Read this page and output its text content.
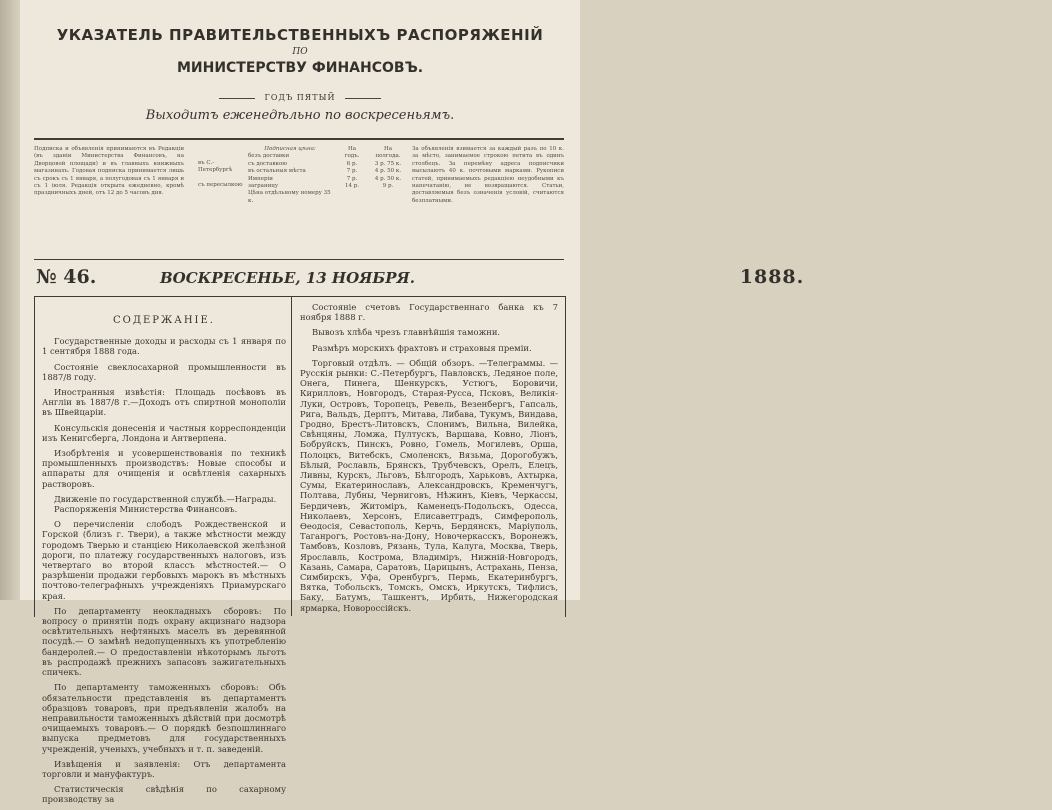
УКАЗАТЕЛЬ ПРАВИТЕЛЬСТВЕННЫХЪ РАСПОРЯЖЕНІЙ
ПО
МИНИСТЕРСТВУ ФИНАНСОВЪ.
ГОДЪ ПЯТЫЙ
Выходитъ еженедѣльно по воскресеньямъ.
Подписка и объявленія принимаются въ Редакціи (въ зданіи Министерства Финансовъ, на Дворцовой площади) и въ главныхъ книжныхъ магазинахъ. Годовая подписка принимается лишь съ срокъ съ 1 января, а полугодовая съ 1 января и съ 1 іюля. Редакція открыта ежедневно, кромѣ праздничныхъ дней, отъ 12 до 5 часовъ дня.
въ С.-Петербургѣ

съ пересылкою
Подписная цѣна:
безъ доставки
съ доставкою
въ остальныя мѣста Имперіи
заграницу
Цѣна отдѣльному номеру 35 к.
На
годъ.
6 р.
7 р.
7 р.
14 р.
На
полгода.
3 р. 75 к.
4 р. 50 к.
4 р. 50 к.
9 р.
За объявленія взимается за каждый разъ по 10 к. за мѣсто, занимаемое строкою петита въ одинъ столбецъ. За перемѣну адреса подписчики высылаютъ 40 к. почтовыми марками. Рукописи статей, принимаемыхъ редакціею неудобными къ напечатанію, не возвращаются. Статьи, доставляемыя безъ означенія условій, считаются безплатными.
№ 46.	ВОСКРЕСЕНЬЕ, 13 НОЯБРЯ.	1888.
СОДЕРЖАНІЕ.

Государственные доходы и расходы съ 1 января по 1 сентября 1888 года.

Состояніе свеклосахарной промышленности въ 1887/8 году.

Иностранныя извѣстія: Площадь посѣвовъ въ Англіи въ 1887/8 г.—Доходъ отъ спиртной монополіи въ Швейцаріи.

Консульскія донесенія и частныя корреспонденціи изъ Кенигсберга, Лондона и Антверпена.

Изобрѣтенія и усовершенствованія по техникѣ промышленныхъ производствъ: Новые способы и аппараты для очищенія и освѣтленія сахарныхъ растворовъ.

Движеніе по государственной службѣ.—Награды.

Распоряженія Министерства Финансовъ.

О перечисленіи слободъ Рождественской и Горской (близъ г. Твери), а также мѣстности между городомъ Тверью и станцією Николаевской желѣзной дороги, по платежу государственныхъ налоговъ, изъ четвертаго во второй классъ мѣстностей.— О разрѣшеніи продажи гербовыхъ марокъ въ мѣстныхъ почтово-телеграфныхъ учрежденіяхъ Приамурскаго края.

По департаменту неокладныхъ сборовъ: По вопросу о принятіи подъ охрану акцизнаго надзора освѣтительныхъ нефтяныхъ маселъ въ деревянной посудѣ.— О замѣнѣ недопущенныхъ къ употребленію бандеролей.— О предоставленіи нѣкоторымъ льготъ въ распродажѣ прежнихъ запасовъ зажигательныхъ спичекъ.

По департаменту таможенныхъ сборовъ: Объ обязательности представленія въ департаментъ образцовъ товаровъ, при предъявленіи жалобъ на неправильности таможенныхъ дѣйствій при досмотрѣ очищаемыхъ товаровъ.— О порядкѣ безпошлиннаго выпуска предметовъ для государственныхъ учрежденій, ученыхъ, учебныхъ и т. п. заведеній.

Извѣщенія и заявленія: Отъ департамента торговли и мануфактуръ.

Статистическія свѣдѣнія по сахарному производству за

Состояніе счетовъ Государственнаго банка къ 7 ноября 1888 г.

Вывозъ хлѣба чрезъ главнѣйшія таможни.

Размѣръ морскихъ фрахтовъ и страховыя преміи.

Торговый отдѣлъ. — Общій обзоръ. —Телеграммы. —Русскія рынки: С.-Петербургъ, Павловскъ, Ледяное поле, Онега, Пинега, Шенкурскъ, Устюгъ, Боровичи, Кирилловъ, Новгородъ, Старая-Русса, Псковъ, Великія-Луки, Островъ, Торопецъ, Ревель, Везенбергъ, Гапсаль, Рига, Вальдъ, Дерптъ, Митава, Либава, Тукумъ, Виндава, Гродно, Брестъ-Литовскъ, Слонимъ, Вильна, Вилейка, Свѣнцяны, Ломжа, Пултускъ, Варшава, Ковно, Ліонъ, Бобруйскъ, Пинскъ, Ровно, Гомель, Могилевъ, Орша, Полоцкъ, Витебскъ, Смоленскъ, Вязьма, Дорогобужъ, Бѣлый, Рославль, Брянскъ, Трубчевскъ, Орелъ, Елецъ, Ливны, Курскъ, Льговъ, Бѣлгородъ, Харьковъ, Ахтырка, Сумы, Екатеринославъ, Александровскъ, Кременчугъ, Полтава, Лубны, Черниговъ, Нѣжинъ, Кіевъ, Черкассы, Бердичевъ, Житоміръ, Каменецъ-Подольскъ, Одесса, Николаевъ, Херсонъ, Елисаветградъ, Симферополь, Ѳеодосія, Севастополь, Керчь, Бердянскъ, Маріуполь, Таганрогъ, Ростовъ-на-Дону, Новочеркасскъ, Воронежъ, Тамбовъ, Козловъ, Рязань, Тула, Калуга, Москва, Тверь, Ярославль, Кострома, Владиміръ, Нижній-Новгородъ, Казань, Самара, Саратовъ, Царицынъ, Астрахань, Пенза, Симбирскъ, Уфа, Оренбургъ, Пермь, Екатеринбургъ, Вятка, Тобольскъ, Томскъ, Омскъ, Иркутскъ, Тифлисъ, Баку, Батумъ, Ташкентъ, Ирбить, Нижегородская ярмарка, Новороссійскъ.
